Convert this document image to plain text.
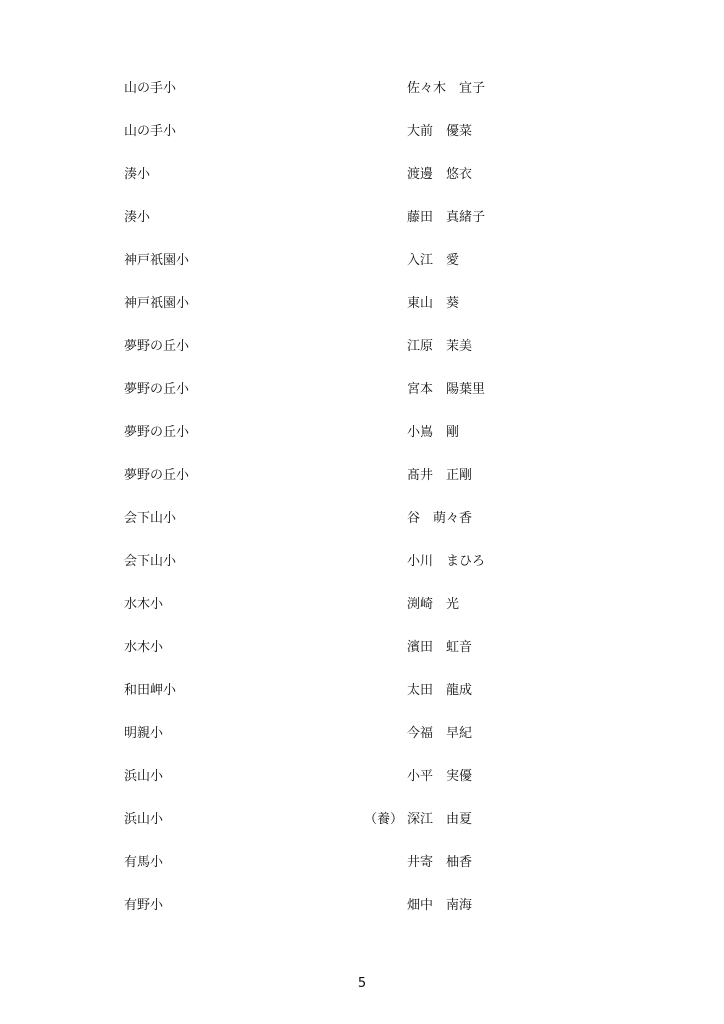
山の手小	佐々木　宜子
山の手小	大前　優菜
湊小	渡邊　悠衣
湊小	藤田　真緒子
神戸祇園小	入江　愛
神戸祇園小	東山　葵
夢野の丘小	江原　茉美
夢野の丘小	宮本　陽葉里
夢野の丘小	小嶌　剛
夢野の丘小	髙井　正剛
会下山小	谷　萌々香
会下山小	小川　まひろ
水木小	渕崎　光
水木小	濱田　虹音
和田岬小	太田　龍成
明親小	今福　早紀
浜山小	小平　実優
浜山小	（養） 深江　由夏
有馬小	井寄　柚香
有野小	畑中　南海
5
